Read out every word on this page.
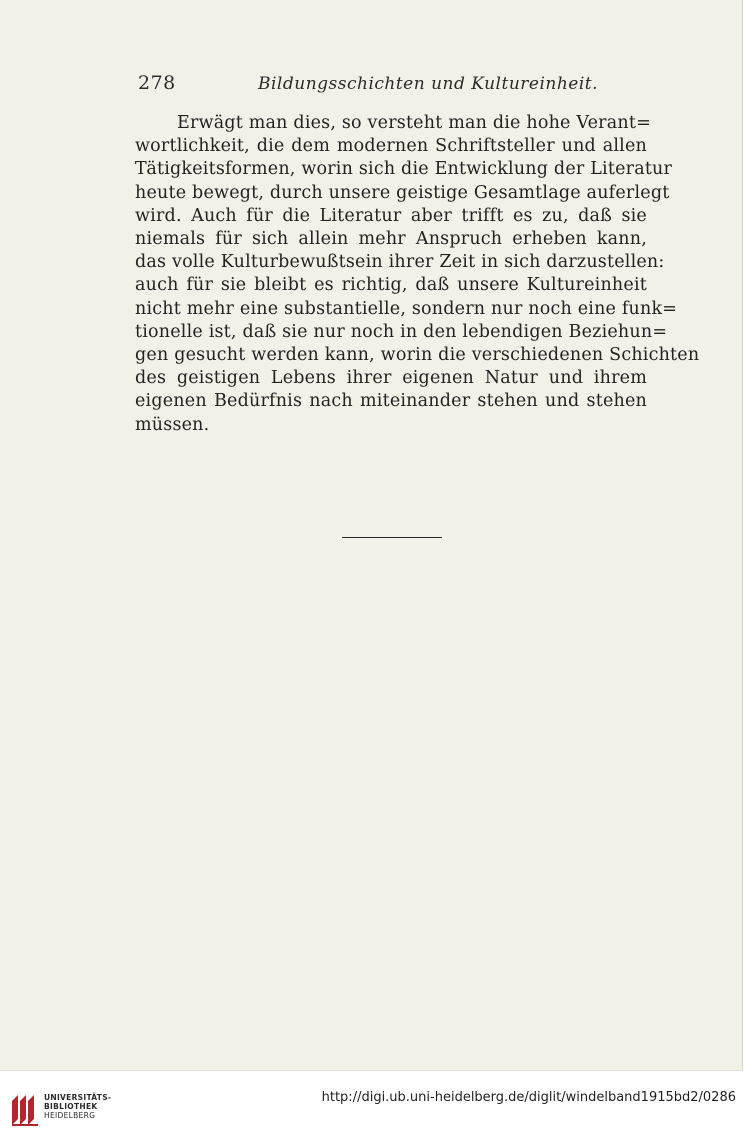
278	Bildungsschichten und Kultureinheit.
Erwägt man dies, so versteht man die hohe Verant=
wortlichkeit, die dem modernen Schriftsteller und allen
Tätigkeitsformen, worin sich die Entwicklung der Literatur
heute bewegt, durch unsere geistige Gesamtlage auferlegt
wird. Auch für die Literatur aber trifft es zu, daß sie
niemals für sich allein mehr Anspruch erheben kann,
das volle Kulturbewußtsein ihrer Zeit in sich darzustellen:
auch für sie bleibt es richtig, daß unsere Kultureinheit
nicht mehr eine substantielle, sondern nur noch eine funk=
tionelle ist, daß sie nur noch in den lebendigen Beziehun=
gen gesucht werden kann, worin die verschiedenen Schichten
des geistigen Lebens ihrer eigenen Natur und ihrem
eigenen Bedürfnis nach miteinander stehen und stehen
müssen.
UNIVERSITÄTS-
BIBLIOTHEK
HEIDELBERG
http://digi.ub.uni-heidelberg.de/diglit/windelband1915bd2/0286
